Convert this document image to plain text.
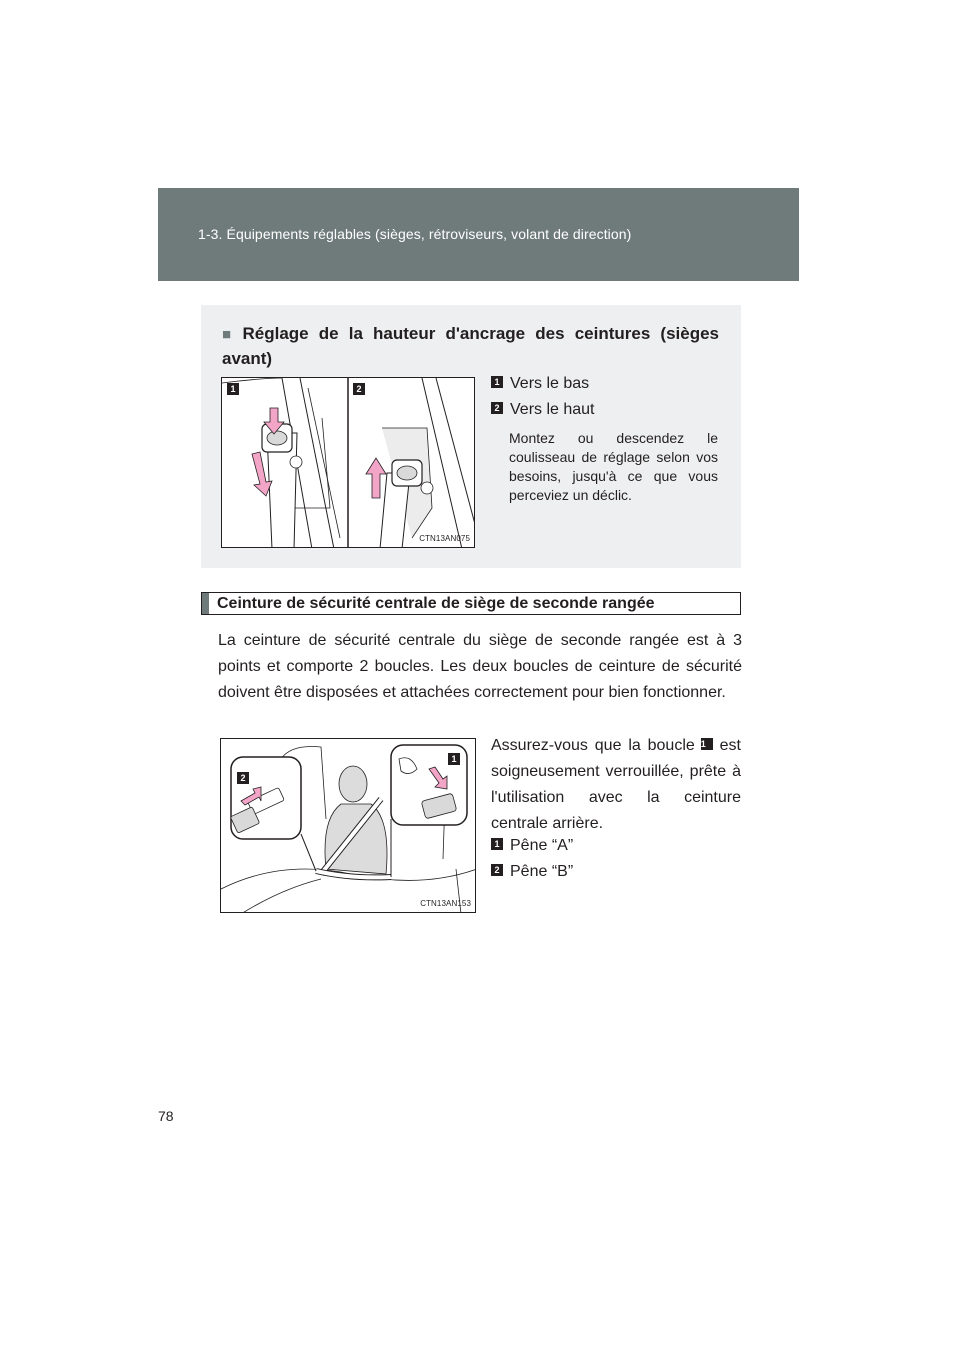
1-3. Équipements réglables (sièges, rétroviseurs, volant de direction)
■ Réglage de la hauteur d'ancrage des ceintures (sièges avant)
1	2
CTN13AN075
1 Vers le bas
2 Vers le haut
Montez ou descendez le coulisseau de réglage selon vos besoins, jusqu'à ce que vous perceviez un déclic.
Ceinture de sécurité centrale de siège de seconde rangée
La ceinture de sécurité centrale du siège de seconde rangée est à 3 points et comporte 2 boucles. Les deux boucles de ceinture de sécurité doivent être disposées et attachées correctement pour bien fonctionner.
2
1
CTN13AN153
Assurez-vous que la boucle 1 est soigneusement verrouillée, prête à l'utilisation avec la ceinture centrale arrière.
1 Pêne “A”
2 Pêne “B”
78
